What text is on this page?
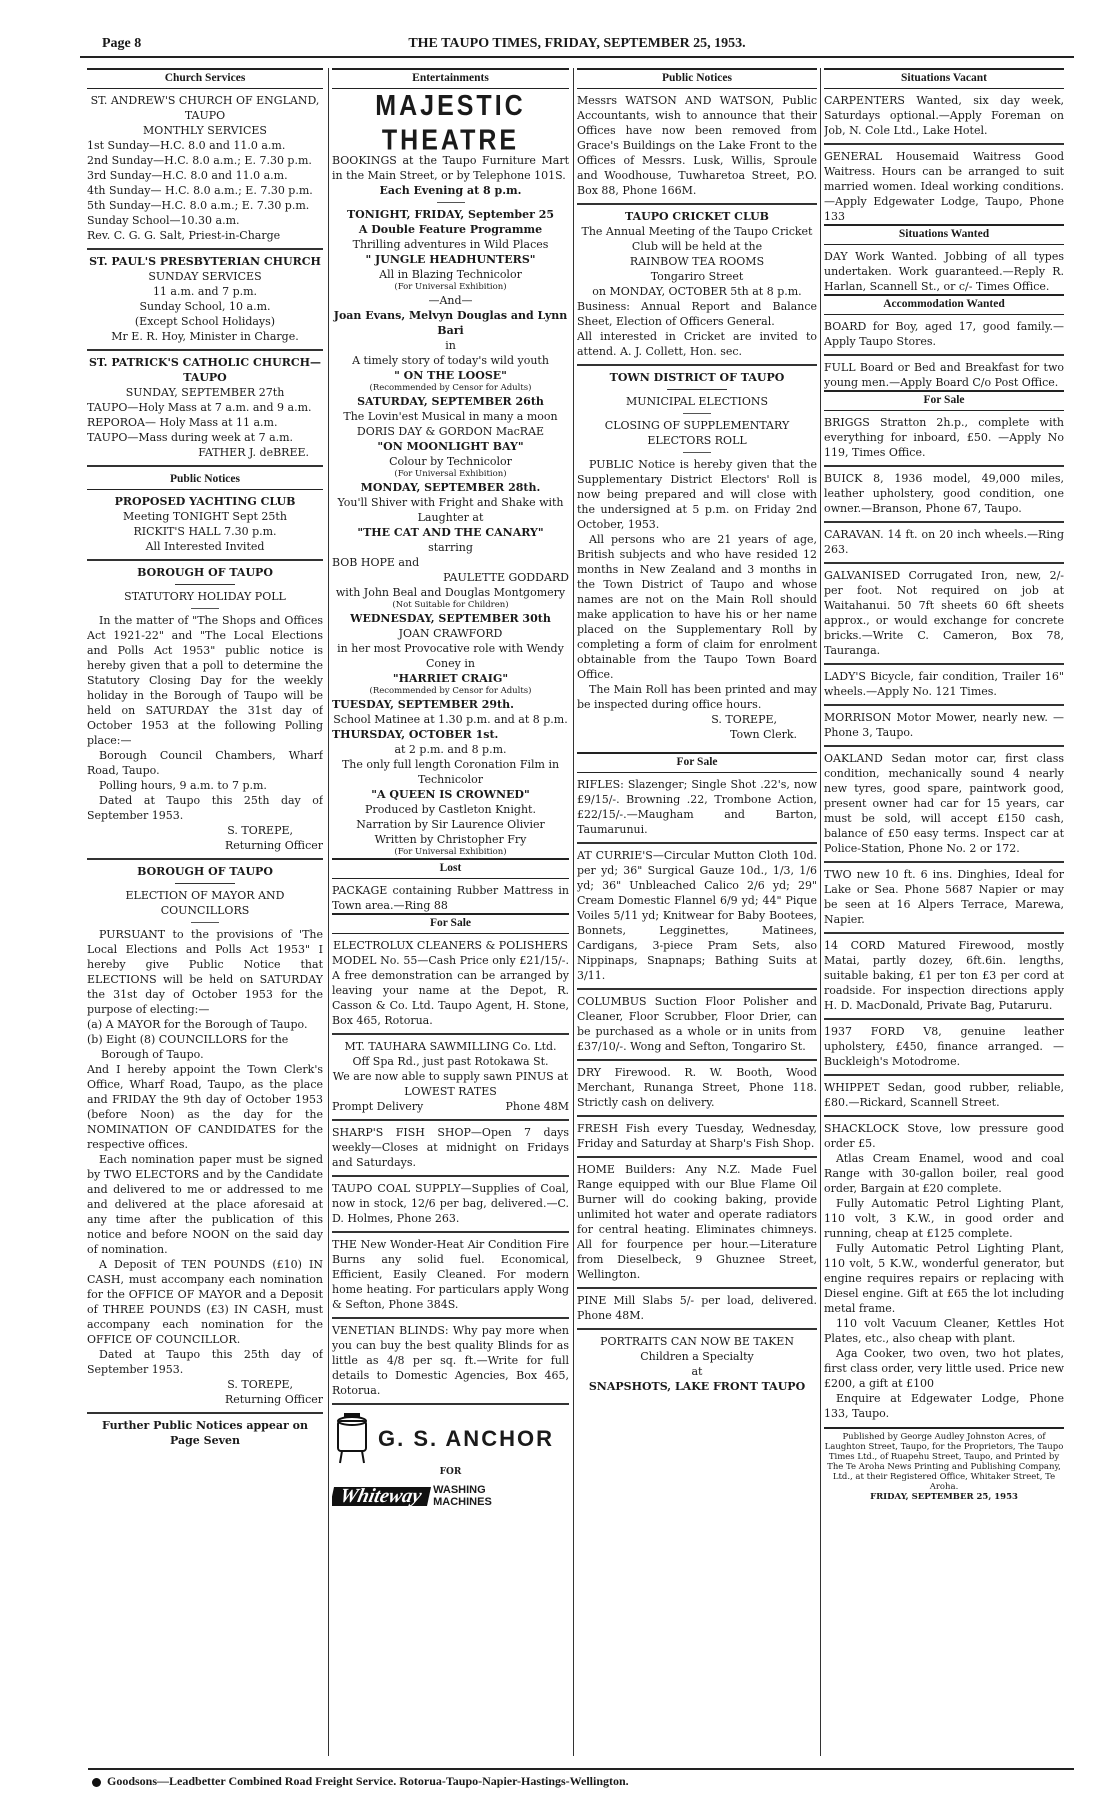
Page 8	THE TAUPO TIMES, FRIDAY, SEPTEMBER 25, 1953.
Church Services

ST. ANDREW'S CHURCH OF ENGLAND, TAUPO

MONTHLY SERVICES

1st Sunday—H.C. 8.0 and 11.0 a.m.

2nd Sunday—H.C. 8.0 a.m.; E. 7.30 p.m.

3rd Sunday—H.C. 8.0 and 11.0 a.m.

4th Sunday— H.C. 8.0 a.m.; E. 7.30 p.m.

5th Sunday—H.C. 8.0 a.m.; E. 7.30 p.m.

Sunday School—10.30 a.m.

Rev. C. G. G. Salt, Priest-in-Charge

ST. PAUL'S PRESBYTERIAN CHURCH

SUNDAY SERVICES

11 a.m. and 7 p.m.

Sunday School, 10 a.m.

(Except School Holidays)

Mr E. R. Hoy, Minister in Charge.

ST. PATRICK'S CATHOLIC CHURCH—TAUPO

SUNDAY, SEPTEMBER 27th

TAUPO—Holy Mass at 7 a.m. and 9 a.m.

REPOROA— Holy Mass at 11 a.m.

TAUPO—Mass during week at 7 a.m.

FATHER J. deBREE.

Public Notices

PROPOSED YACHTING CLUB

Meeting TONIGHT Sept 25th

RICKIT'S HALL 7.30 p.m.

All Interested Invited

BOROUGH OF TAUPO

STATUTORY HOLIDAY POLL

In the matter of "The Shops and Offices Act 1921-22" and "The Local Elections and Polls Act 1953" public notice is hereby given that a poll to determine the Statutory Closing Day for the weekly holiday in the Borough of Taupo will be held on SATURDAY the 31st day of October 1953 at the following Polling place:—

Borough Council Chambers, Wharf Road, Taupo.

Polling hours, 9 a.m. to 7 p.m.

Dated at Taupo this 25th day of September 1953.

S. TOREPE,

Returning Officer

BOROUGH OF TAUPO

ELECTION OF MAYOR AND COUNCILLORS

PURSUANT to the provisions of 'The Local Elections and Polls Act 1953" I hereby give Public Notice that ELECTIONS will be held on SATURDAY the 31st day of October 1953 for the purpose of electing:—

(a) A MAYOR for the Borough of Taupo.

(b) Eight (8) COUNCILLORS for the Borough of Taupo.

And I hereby appoint the Town Clerk's Office, Wharf Road, Taupo, as the place and FRIDAY the 9th day of October 1953 (before Noon) as the day for the NOMINATION OF CANDIDATES for the respective offices.

Each nomination paper must be signed by TWO ELECTORS and by the Candidate and delivered to me or addressed to me and delivered at the place aforesaid at any time after the publication of this notice and before NOON on the said day of nomination.

A Deposit of TEN POUNDS (£10) IN CASH, must accompany each nomination for the OFFICE OF MAYOR and a Deposit of THREE POUNDS (£3) IN CASH, must accompany each nomination for the OFFICE OF COUNCILLOR.

Dated at Taupo this 25th day of September 1953.

S. TOREPE,

Returning Officer

Further Public Notices appear on Page Seven

Entertainments
MAJESTIC THEATRE

BOOKINGS at the Taupo Furniture Mart in the Main Street, or by Telephone 101S.

Each Evening at 8 p.m.

TONIGHT, FRIDAY, September 25

A Double Feature Programme

Thrilling adventures in Wild Places

" JUNGLE HEADHUNTERS"

All in Blazing Technicolor

(For Universal Exhibition)

—And—

Joan Evans, Melvyn Douglas and Lynn Bari

in

A timely story of today's wild youth

" ON THE LOOSE"

(Recommended by Censor for Adults)

SATURDAY, SEPTEMBER 26th

The Lovin'est Musical in many a moon

DORIS DAY & GORDON MacRAE

"ON MOONLIGHT BAY"

Colour by Technicolor

(For Universal Exhibition)

MONDAY, SEPTEMBER 28th.

You'll Shiver with Fright and Shake with Laughter at

"THE CAT AND THE CANARY"

starring

BOB HOPE and

PAULETTE GODDARD

with John Beal and Douglas Montgomery

(Not Suitable for Children)

WEDNESDAY, SEPTEMBER 30th

JOAN CRAWFORD

in her most Provocative role with Wendy Coney in

"HARRIET CRAIG"

(Recommended by Censor for Adults)

TUESDAY, SEPTEMBER 29th.

School Matinee at 1.30 p.m. and at 8 p.m.

THURSDAY, OCTOBER 1st.

at 2 p.m. and 8 p.m.

The only full length Coronation Film in Technicolor

"A QUEEN IS CROWNED"

Produced by Castleton Knight.

Narration by Sir Laurence Olivier

Written by Christopher Fry

(For Universal Exhibition)

Lost

PACKAGE containing Rubber Mattress in Town area.—Ring 88

For Sale

ELECTROLUX CLEANERS & POLISHERS

MODEL No. 55—Cash Price only £21/15/-. A free demonstration can be arranged by leaving your name at the Depot, R. Casson & Co. Ltd. Taupo Agent, H. Stone, Box 465, Rotorua.

MT. TAUHARA SAWMILLING Co. Ltd.

Off Spa Rd., just past Rotokawa St.

We are now able to supply sawn PINUS at LOWEST RATES

Prompt Delivery	Phone 48M

SHARP'S FISH SHOP—Open 7 days weekly—Closes at midnight on Fridays and Saturdays.

TAUPO COAL SUPPLY—Supplies of Coal, now in stock, 12/6 per bag, delivered.—C. D. Holmes, Phone 263.

THE New Wonder-Heat Air Condition Fire Burns any solid fuel. Economical, Efficient, Easily Cleaned. For modern home heating. For particulars apply Wong & Sefton, Phone 384S.

VENETIAN BLINDS: Why pay more when you can buy the best quality Blinds for as little as 4/8 per sq. ft.—Write for full details to Domestic Agencies, Box 465, Rotorua.

G. S. ANCHOR
FOR
Whiteway WASHING
MACHINES
Public Notices

Messrs WATSON AND WATSON, Public Accountants, wish to announce that their Offices have now been removed from Grace's Buildings on the Lake Front to the Offices of Messrs. Lusk, Willis, Sproule and Woodhouse, Tuwharetoa Street, P.O. Box 88, Phone 166M.

TAUPO CRICKET CLUB

The Annual Meeting of the Taupo Cricket Club will be held at the

RAINBOW TEA ROOMS

Tongariro Street

on MONDAY, OCTOBER 5th at 8 p.m.

Business: Annual Report and Balance Sheet, Election of Officers General.

All interested in Cricket are invited to attend. A. J. Collett, Hon. sec.

TOWN DISTRICT OF TAUPO

MUNICIPAL ELECTIONS

CLOSING OF SUPPLEMENTARY ELECTORS ROLL

PUBLIC Notice is hereby given that the Supplementary District Electors' Roll is now being prepared and will close with the undersigned at 5 p.m. on Friday 2nd October, 1953.

All persons who are 21 years of age, British subjects and who have resided 12 months in New Zealand and 3 months in the Town District of Taupo and whose names are not on the Main Roll should make application to have his or her name placed on the Supplementary Roll by completing a form of claim for enrolment obtainable from the Taupo Town Board Office.

The Main Roll has been printed and may be inspected during office hours.

S. TOREPE,

Town Clerk.

For Sale

RIFLES: Slazenger; Single Shot .22's, now £9/15/-. Browning .22, Trombone Action, £22/15/-.—Maugham and Barton, Taumarunui.

AT CURRIE'S—Circular Mutton Cloth 10d. per yd; 36" Surgical Gauze 10d., 1/3, 1/6 yd; 36" Unbleached Calico 2/6 yd; 29" Cream Domestic Flannel 6/9 yd; 44" Pique Voiles 5/11 yd; Knitwear for Baby Bootees, Bonnets, Legginettes, Matinees, Cardigans, 3-piece Pram Sets, also Nippinaps, Snapnaps; Bathing Suits at 3/11.

COLUMBUS Suction Floor Polisher and Cleaner, Floor Scrubber, Floor Drier, can be purchased as a whole or in units from £37/10/-. Wong and Sefton, Tongariro St.

DRY Firewood. R. W. Booth, Wood Merchant, Runanga Street, Phone 118. Strictly cash on delivery.

FRESH Fish every Tuesday, Wednesday, Friday and Saturday at Sharp's Fish Shop.

HOME Builders: Any N.Z. Made Fuel Range equipped with our Blue Flame Oil Burner will do cooking baking, provide unlimited hot water and operate radiators for central heating. Eliminates chimneys. All for fourpence per hour.—Literature from Dieselbeck, 9 Ghuznee Street, Wellington.

PINE Mill Slabs 5/- per load, delivered. Phone 48M.

PORTRAITS CAN NOW BE TAKEN

Children a Specialty

at

SNAPSHOTS, LAKE FRONT TAUPO

Situations Vacant

CARPENTERS Wanted, six day week, Saturdays optional.—Apply Foreman on Job, N. Cole Ltd., Lake Hotel.

GENERAL Housemaid Waitress Good Waitress. Hours can be arranged to suit married women. Ideal working conditions.—Apply Edgewater Lodge, Taupo, Phone 133

Situations Wanted

DAY Work Wanted. Jobbing of all types undertaken. Work guaranteed.—Reply R. Harlan, Scannell St., or c/- Times Office.

Accommodation Wanted

BOARD for Boy, aged 17, good family.—Apply Taupo Stores.

FULL Board or Bed and Breakfast for two young men.—Apply Board C/o Post Office.

For Sale

BRIGGS Stratton 2h.p., complete with everything for inboard, £50. —Apply No 119, Times Office.

BUICK 8, 1936 model, 49,000 miles, leather upholstery, good condition, one owner.—Branson, Phone 67, Taupo.

CARAVAN. 14 ft. on 20 inch wheels.—Ring 263.

GALVANISED Corrugated Iron, new, 2/- per foot. Not required on job at Waitahanui. 50 7ft sheets 60 6ft sheets approx., or would exchange for concrete bricks.—Write C. Cameron, Box 78, Tauranga.

LADY'S Bicycle, fair condition, Trailer 16" wheels.—Apply No. 121 Times.

MORRISON Motor Mower, nearly new. —Phone 3, Taupo.

OAKLAND Sedan motor car, first class condition, mechanically sound 4 nearly new tyres, good spare, paintwork good, present owner had car for 15 years, car must be sold, will accept £150 cash, balance of £50 easy terms. Inspect car at Police-Station, Phone No. 2 or 172.

TWO new 10 ft. 6 ins. Dinghies, Ideal for Lake or Sea. Phone 5687 Napier or may be seen at 16 Alpers Terrace, Marewa, Napier.

14 CORD Matured Firewood, mostly Matai, partly dozey, 6ft.6in. lengths, suitable baking, £1 per ton £3 per cord at roadside. For inspection directions apply H. D. MacDonald, Private Bag, Putaruru.

1937 FORD V8, genuine leather upholstery, £450, finance arranged. —Buckleigh's Motodrome.

WHIPPET Sedan, good rubber, reliable, £80.—Rickard, Scannell Street.

SHACKLOCK Stove, low pressure good order £5.

Atlas Cream Enamel, wood and coal Range with 30-gallon boiler, real good order, Bargain at £20 complete.

Fully Automatic Petrol Lighting Plant, 110 volt, 3 K.W., in good order and running, cheap at £125 complete.

Fully Automatic Petrol Lighting Plant, 110 volt, 5 K.W., wonderful generator, but engine requires repairs or replacing with Diesel engine. Gift at £65 the lot including metal frame.

110 volt Vacuum Cleaner, Kettles Hot Plates, etc., also cheap with plant.

Aga Cooker, two oven, two hot plates, first class order, very little used. Price new £200, a gift at £100

Enquire at Edgewater Lodge, Phone 133, Taupo.

Published by George Audley Johnston Acres, of Laughton Street, Taupo, for the Proprietors, The Taupo Times Ltd., of Ruapehu Street, Taupo, and Printed by The Te Aroha News Printing and Publishing Company, Ltd., at their Registered Office, Whitaker Street, Te Aroha.
FRIDAY, SEPTEMBER 25, 1953
Goodsons—Leadbetter Combined Road Freight Service. Rotorua-Taupo-Napier-Hastings-Wellington.
